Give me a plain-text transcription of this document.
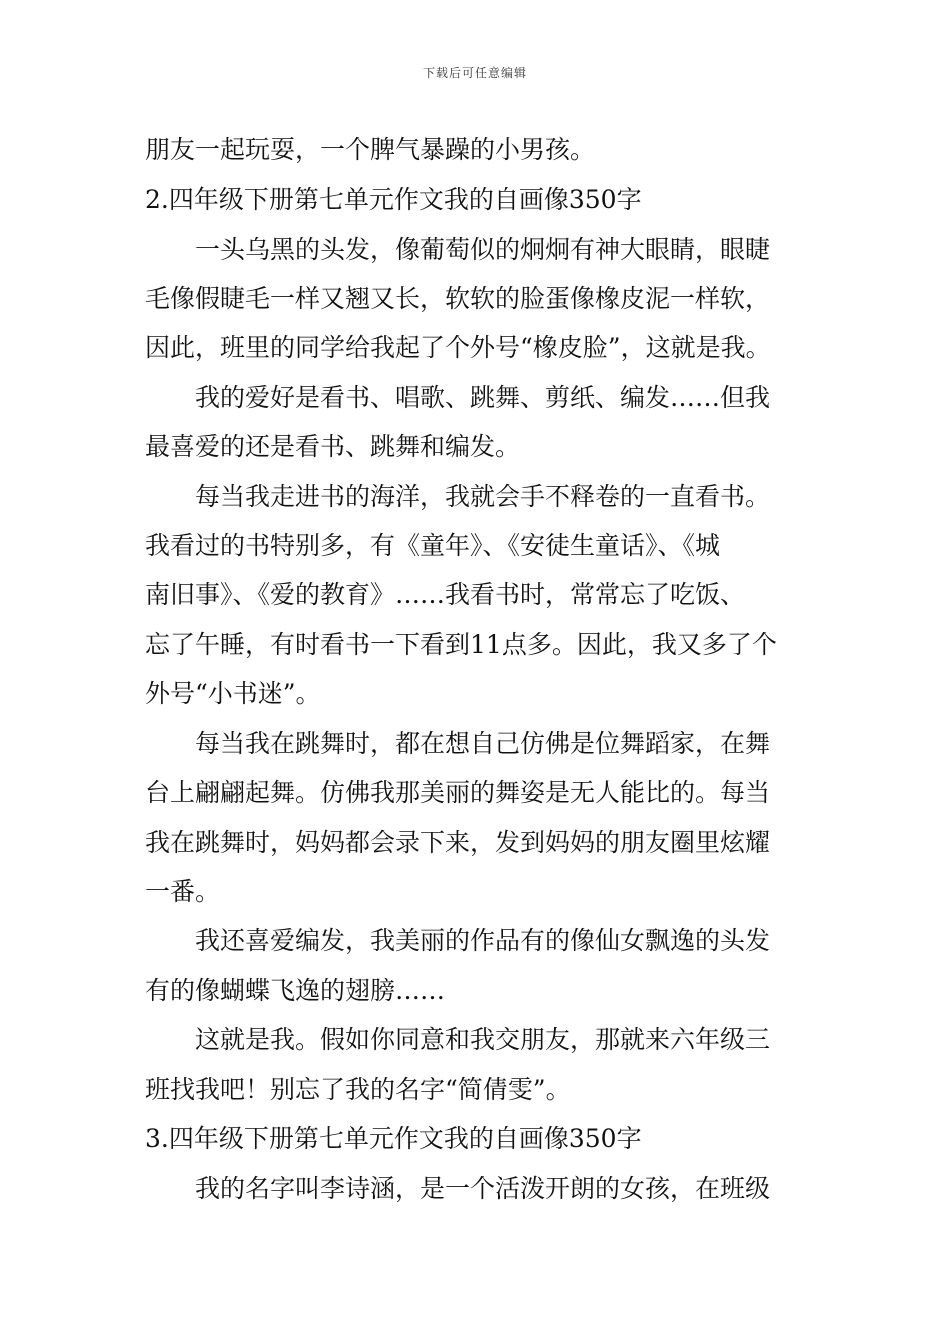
下载后可任意编辑
朋友一起玩耍，一个脾气暴躁的小男孩。
2.四年级下册第七单元作文我的自画像350字
一头乌黑的头发，像葡萄似的炯炯有神大眼睛，眼睫
毛像假睫毛一样又翘又长，软软的脸蛋像橡皮泥一样软，
因此，班里的同学给我起了个外号“橡皮脸”，这就是我。
我的爱好是看书、唱歌、跳舞、剪纸、编发……但我
最喜爱的还是看书、跳舞和编发。
每当我走进书的海洋，我就会手不释卷的一直看书。
我看过的书特别多，有《童年》、《安徒生童话》、《城
南旧事》、《爱的教育》……我看书时，常常忘了吃饭、
忘了午睡，有时看书一下看到11点多。因此，我又多了个
外号“小书迷”。
每当我在跳舞时，都在想自己仿佛是位舞蹈家，在舞
台上翩翩起舞。仿佛我那美丽的舞姿是无人能比的。每当
我在跳舞时，妈妈都会录下来，发到妈妈的朋友圈里炫耀
一番。
我还喜爱编发，我美丽的作品有的像仙女飘逸的头发
有的像蝴蝶飞逸的翅膀……
这就是我。假如你同意和我交朋友，那就来六年级三
班找我吧！别忘了我的名字“简倩雯”。
3.四年级下册第七单元作文我的自画像350字
我的名字叫李诗涵，是一个活泼开朗的女孩，在班级
